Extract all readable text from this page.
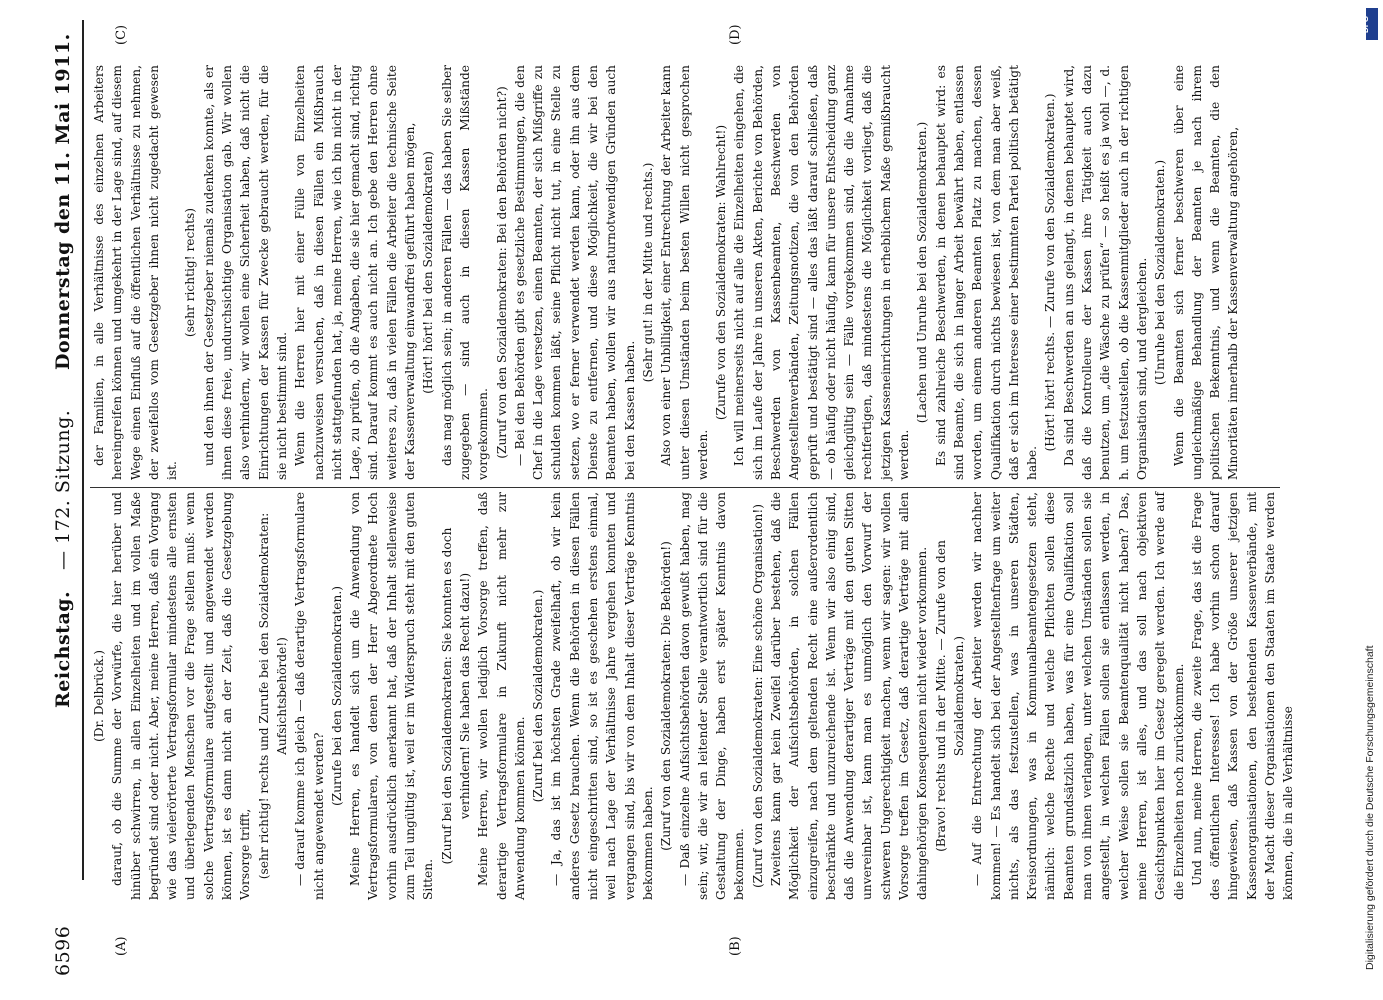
6596
Reichstag.
— 172. Sitzung.
Donnerstag den 11. Mai 1911.
(A)	(B)
(C)	(D)

(Dr. Delbrück.) darauf, ob die Summe der Vorwürfe, die hier herüber und hinüber schwirren, in allen Einzelheiten und im vollen Maße begründet sind oder nicht. Aber, meine Herren, daß ein Vorgang wie das vielerörterte Vertragsformular mindestens alle ernsten und überlegenden Menschen vor die Frage stellen muß: wenn solche Vertragsformulare aufgestellt und angewendet werden können, ist es dann nicht an der Zeit, daß die Gesetzgebung Vorsorge trifft, (sehr richtig! rechts und Zurufe bei den Sozialdemokraten: Aufsichtsbehörde!) — darauf komme ich gleich — daß derartige Vertragsformulare nicht angewendet werden?

(Zurufe bei den Sozialdemokraten.) Meine Herren, es handelt sich um die Anwendung von Vertragsformularen, von denen der Herr Abgeordnete Hoch vorhin ausdrücklich anerkannt hat, daß der Inhalt stellenweise zum Teil ungültig ist, weil er im Widerspruch steht mit den guten Sitten.

(Zuruf bei den Sozialdemokraten: Sie konnten es doch verhindern! Sie haben das Recht dazu!) Meine Herren, wir wollen lediglich Vorsorge treffen, daß derartige Vertragsformulare in Zukunft nicht mehr zur Anwendung kommen können.

(Zuruf bei den Sozialdemokraten.) — Ja, das ist im höchsten Grade zweifelhaft, ob wir kein anderes Gesetz brauchen. Wenn die Behörden in diesen Fällen nicht eingeschritten sind, so ist es geschehen erstens einmal, weil nach Lage der Verhältnisse Jahre vergehen konnten und vergangen sind, bis wir von dem Inhalt dieser Verträge Kenntnis bekommen haben. (Zuruf von den Sozialdemokraten: Die Behörden!) — Daß einzelne Aufsichtsbehörden davon gewußt haben, mag sein; wir, die wir an leitender Stelle verantwortlich sind für die Gestaltung der Dinge, haben erst später Kenntnis davon bekommen. (Zuruf von den Sozialdemokraten: Eine schöne Organisation!) Zweitens kann gar kein Zweifel darüber bestehen, daß die Möglichkeit der Aufsichtsbehörden, in solchen Fällen einzugreifen, nach dem geltenden Recht eine außerordentlich beschränkte und unzureichende ist. Wenn wir also einig sind, daß die Anwendung derartiger Verträge mit den guten Sitten unvereinbar ist, kann man es unmöglich den Vorwurf der schweren Ungerechtigkeit machen, wenn wir sagen: wir wollen Vorsorge treffen im Gesetz, daß derartige Verträge mit allen dahingehörigen Konsequenzen nicht wieder vorkommen. (Bravo! rechts und in der Mitte. — Zurufe von den Sozialdemokraten.) — Auf die Entrechtung der Arbeiter werden wir nachher kommen! — Es handelt sich bei der Angestelltenfrage um weiter nichts, als das festzustellen, was in unseren Städten, Kreisordnungen, was in Kommunalbeamtengesetzen steht, nämlich: welche Rechte und welche Pflichten sollen diese Beamten grundsätzlich haben, was für eine Qualifikation soll man von ihnen verlangen, unter welchen Umständen sollen sie angestellt, in welchen Fällen sollen sie entlassen werden, in welcher Weise sollen sie Beamtenqualität nicht haben? Das, meine Herren, ist alles, und das soll nach objektiven Gesichtspunkten hier im Gesetz geregelt werden. Ich werde auf die Einzelheiten noch zurückkommen. Und nun, meine Herren, die zweite Frage, das ist die Frage des öffentlichen Interesses! Ich habe vorhin schon darauf hingewiesen, daß Kassen von der Größe unserer jetzigen Kassenorganisationen, den bestehenden Kassenverbände, mit der Macht dieser Organisationen den Staaten im Staate werden können, die in alle Verhältnisse

der Familien, in alle Verhältnisse des einzelnen Arbeiters hereingreifen können und umgekehrt in der Lage sind, auf diesem Wege einen Einfluß auf die öffentlichen Verhältnisse zu nehmen, der zweifellos vom Gesetzgeber ihnen nicht zugedacht gewesen ist.

(sehr richtig! rechts) und den ihnen der Gesetzgeber niemals zudenken konnte, als er ihnen diese freie, undurchsichtige Organisation gab. Wir wollen also verhindern, wir wollen eine Sicherheit haben, daß nicht die Einrichtungen der Kassen für Zwecke gebraucht werden, für die sie nicht bestimmt sind. Wenn die Herren hier mit einer Fülle von Einzelheiten nachzuweisen versuchen, daß in diesen Fällen ein Mißbrauch nicht stattgefunden hat, ja, meine Herren, wie ich bin nicht in der Lage, zu prüfen, ob die Angaben, die sie hier gemacht sind, richtig sind. Darauf kommt es auch nicht an. Ich gebe den Herren ohne weiteres zu, daß in vielen Fällen die Arbeiter die technische Seite der Kassenverwaltung einwandfrei geführt haben mögen, (Hört! hört! bei den Sozialdemokraten) das mag möglich sein; in anderen Fällen — das haben Sie selber zugegeben — sind auch in diesen Kassen Mißstände vorgekommen. (Zuruf von den Sozialdemokraten: Bei den Behörden nicht?) — Bei den Behörden gibt es gesetzliche Bestimmungen, die den Chef in die Lage versetzen, einen Beamten, der sich Mißgriffe zu schulden kommen läßt, seine Pflicht nicht tut, in eine Stelle zu setzen, wo er ferner verwendet werden kann, oder ihn aus dem Dienste zu entfernen, und diese Möglichkeit, die wir bei den Beamten haben, wollen wir aus naturnotwendigen Gründen auch bei den Kassen haben.

(Sehr gut! in der Mitte und rechts.) Also von einer Unbilligkeit, einer Entrechtung der Arbeiter kann unter diesen Umständen beim besten Willen nicht gesprochen werden.

(Zurufe von den Sozialdemokraten: Wahlrecht!) Ich will meinerseits nicht auf alle die Einzelheiten eingehen, die sich im Laufe der Jahre in unseren Akten, Berichte von Behörden, Beschwerden von Kassenbeamten, Beschwerden von Angestelltenverbänden, Zeitungsnotizen, die von den Behörden geprüft und bestätigt sind — alles das läßt darauf schließen, daß — ob häufig oder nicht häufig, kann für unsere Entscheidung ganz gleichgültig sein — Fälle vorgekommen sind, die die Annahme rechtfertigen, daß mindestens die Möglichkeit vorliegt, daß die jetzigen Kasseneinrichtungen in erheblichem Maße gemißbraucht werden.

(Lachen und Unruhe bei den Sozialdemokraten.) Es sind zahlreiche Beschwerden, in denen behauptet wird: es sind Beamte, die sich in langer Arbeit bewährt haben, entlassen worden, um einem anderen Beamten Platz zu machen, dessen Qualifikation durch nichts bewiesen ist, von dem man aber weiß, daß er sich im Interesse einer bestimmten Partei politisch betätigt habe.

(Hört! hört! rechts. — Zurufe von den Sozialdemokraten.) Da sind Beschwerden an uns gelangt, in denen behauptet wird, daß die Kontrolleure der Kassen ihre Tätigkeit auch dazu benutzen, um „die Wäsche zu prüfen“ — so heißt es ja wohl —, d. h. um festzustellen, ob die Kassenmitglieder auch in der richtigen Organisation sind, und dergleichen. (Unruhe bei den Sozialdemokraten.) Wenn die Beamten sich ferner beschweren über eine ungleichmäßige Behandlung der Beamten je nach ihrem politischen Bekenntnis, und wenn die Beamten, die den Minoritäten innerhalb der Kassenverwaltung angehören,

Digitalisierung gefördert durch die Deutsche Forschungsgemeinschaft
DFG
